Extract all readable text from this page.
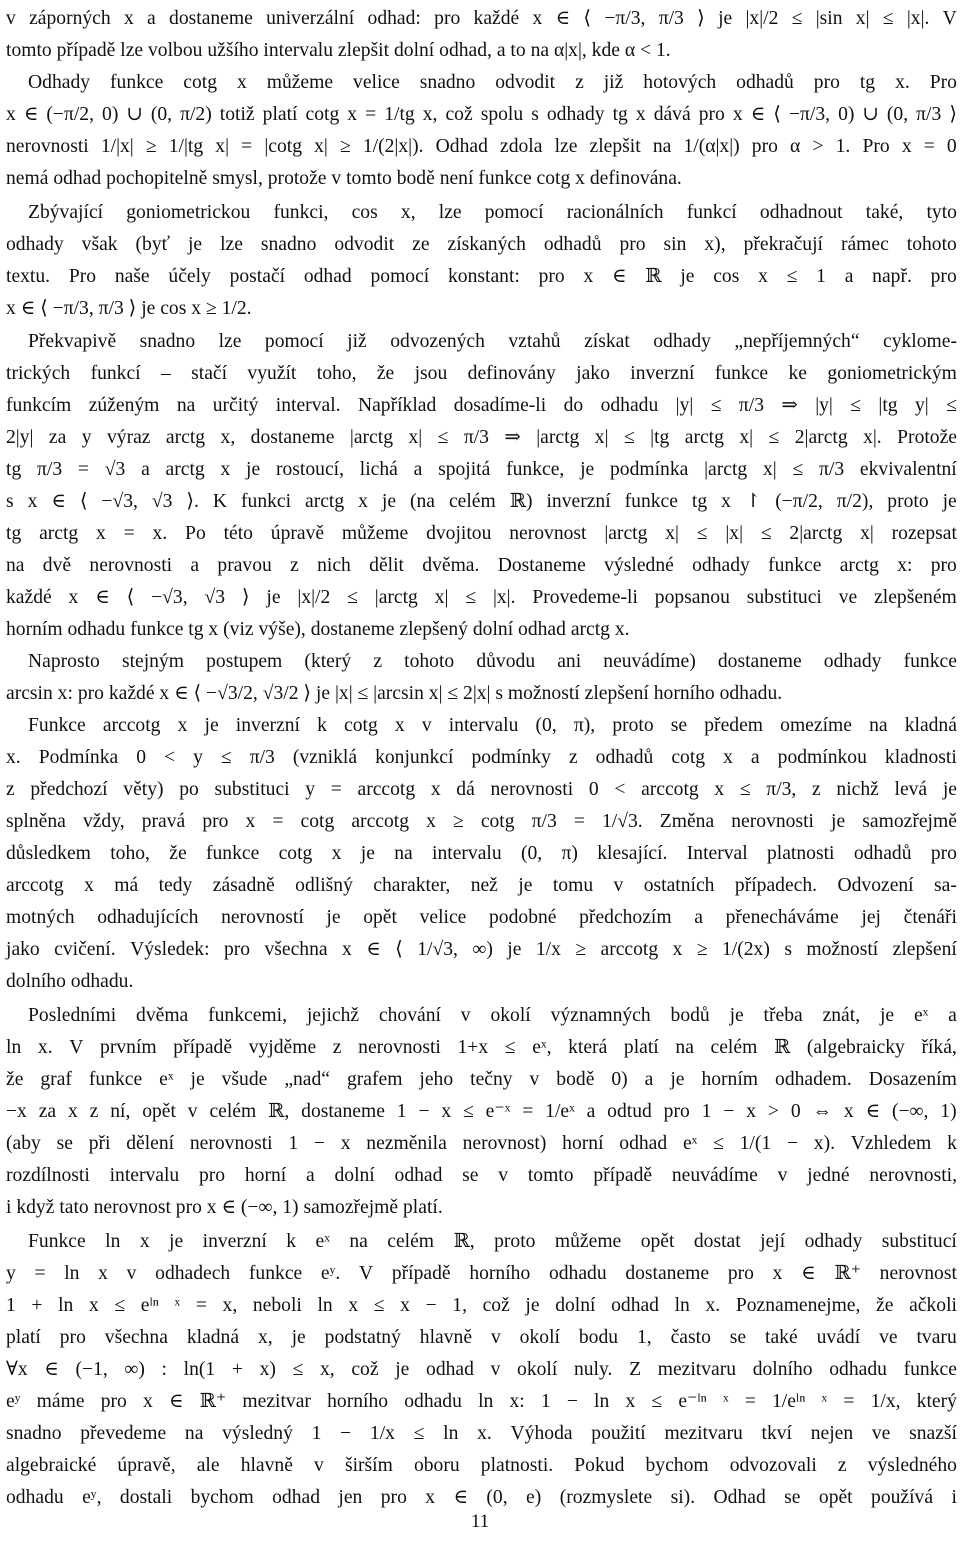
v záporných x a dostaneme univerzální odhad: pro každé x ∈ ⟨ −π/3, π/3 ⟩ je |x|/2 ≤ |sin x| ≤ |x|. V
tomto případě lze volbou užšího intervalu zlepšit dolní odhad, a to na α|x|, kde α < 1.
Odhady funkce cotg x můžeme velice snadno odvodit z již hotových odhadů pro tg x. Pro
x ∈ (−π/2, 0) ∪ (0, π/2) totiž platí cotg x = 1/tg x, což spolu s odhady tg x dává pro x ∈ ⟨ −π/3, 0) ∪ (0, π/3 ⟩
nerovnosti 1/|x| ≥ 1/|tg x| = |cotg x| ≥ 1/(2|x|). Odhad zdola lze zlepšit na 1/(α|x|) pro α > 1. Pro x = 0
nemá odhad pochopitelně smysl, protože v tomto bodě není funkce cotg x definována.
Zbývající goniometrickou funkci, cos x, lze pomocí racionálních funkcí odhadnout také, tyto
odhady však (byť je lze snadno odvodit ze získaných odhadů pro sin x), překračují rámec tohoto
textu. Pro naše účely postačí odhad pomocí konstant: pro x ∈ ℝ je cos x ≤ 1 a např. pro
x ∈ ⟨ −π/3, π/3 ⟩ je cos x ≥ 1/2.
Překvapivě snadno lze pomocí již odvozených vztahů získat odhady „nepříjemných“ cyklome-
trických funkcí – stačí využít toho, že jsou definovány jako inverzní funkce ke goniometrickým
funkcím zúženým na určitý interval. Například dosadíme-li do odhadu |y| ≤ π/3 ⇒ |y| ≤ |tg y| ≤
2|y| za y výraz arctg x, dostaneme |arctg x| ≤ π/3 ⇒ |arctg x| ≤ |tg arctg x| ≤ 2|arctg x|. Protože
tg π/3 = √3 a arctg x je rostoucí, lichá a spojitá funkce, je podmínka |arctg x| ≤ π/3 ekvivalentní
s x ∈ ⟨ −√3, √3 ⟩. K funkci arctg x je (na celém ℝ) inverzní funkce tg x ↾ (−π/2, π/2), proto je
tg arctg x = x. Po této úpravě můžeme dvojitou nerovnost |arctg x| ≤ |x| ≤ 2|arctg x| rozepsat
na dvě nerovnosti a pravou z nich dělit dvěma. Dostaneme výsledné odhady funkce arctg x: pro
každé x ∈ ⟨ −√3, √3 ⟩ je |x|/2 ≤ |arctg x| ≤ |x|. Provedeme-li popsanou substituci ve zlepšeném
horním odhadu funkce tg x (viz výše), dostaneme zlepšený dolní odhad arctg x.
Naprosto stejným postupem (který z tohoto důvodu ani neuvádíme) dostaneme odhady funkce
arcsin x: pro každé x ∈ ⟨ −√3/2, √3/2 ⟩ je |x| ≤ |arcsin x| ≤ 2|x| s možností zlepšení horního odhadu.
Funkce arccotg x je inverzní k cotg x v intervalu (0, π), proto se předem omezíme na kladná
x. Podmínka 0 < y ≤ π/3 (vzniklá konjunkcí podmínky z odhadů cotg x a podmínkou kladnosti
z předchozí věty) po substituci y = arccotg x dá nerovnosti 0 < arccotg x ≤ π/3, z nichž levá je
splněna vždy, pravá pro x = cotg arccotg x ≥ cotg π/3 = 1/√3. Změna nerovnosti je samozřejmě
důsledkem toho, že funkce cotg x je na intervalu (0, π) klesající. Interval platnosti odhadů pro
arccotg x má tedy zásadně odlišný charakter, než je tomu v ostatních případech. Odvození sa-
motných odhadujících nerovností je opět velice podobné předchozím a přenecháváme jej čtenáři
jako cvičení. Výsledek: pro všechna x ∈ ⟨ 1/√3, ∞) je 1/x ≥ arccotg x ≥ 1/(2x) s možností zlepšení
dolního odhadu.
Posledními dvěma funkcemi, jejichž chování v okolí významných bodů je třeba znát, je eˣ a
ln x. V prvním případě vyjděme z nerovnosti 1+x ≤ eˣ, která platí na celém ℝ (algebraicky říká,
že graf funkce eˣ je všude „nad“ grafem jeho tečny v bodě 0) a je horním odhadem. Dosazením
−x za x z ní, opět v celém ℝ, dostaneme 1 − x ≤ e⁻ˣ = 1/eˣ a odtud pro 1 − x > 0 ⇔ x ∈ (−∞, 1)
(aby se při dělení nerovnosti 1 − x nezměnila nerovnost) horní odhad eˣ ≤ 1/(1 − x). Vzhledem k
rozdílnosti intervalu pro horní a dolní odhad se v tomto případě neuvádíme v jedné nerovnosti,
i když tato nerovnost pro x ∈ (−∞, 1) samozřejmě platí.
Funkce ln x je inverzní k eˣ na celém ℝ, proto můžeme opět dostat její odhady substitucí
y = ln x v odhadech funkce eʸ. V případě horního odhadu dostaneme pro x ∈ ℝ⁺ nerovnost
1 + ln x ≤ eˡⁿ ˣ = x, neboli ln x ≤ x − 1, což je dolní odhad ln x. Poznamenejme, že ačkoli
platí pro všechna kladná x, je podstatný hlavně v okolí bodu 1, často se také uvádí ve tvaru
∀x ∈ (−1, ∞) : ln(1 + x) ≤ x, což je odhad v okolí nuly. Z mezitvaru dolního odhadu funkce
eʸ máme pro x ∈ ℝ⁺ mezitvar horního odhadu ln x: 1 − ln x ≤ e⁻ˡⁿ ˣ = 1/eˡⁿ ˣ = 1/x, který
snadno převedeme na výsledný 1 − 1/x ≤ ln x. Výhoda použití mezitvaru tkví nejen ve snazší
algebraické úpravě, ale hlavně v širším oboru platnosti. Pokud bychom odvozovali z výsledného
odhadu eʸ, dostali bychom odhad jen pro x ∈ (0, e) (rozmyslete si). Odhad se opět používá i
11
